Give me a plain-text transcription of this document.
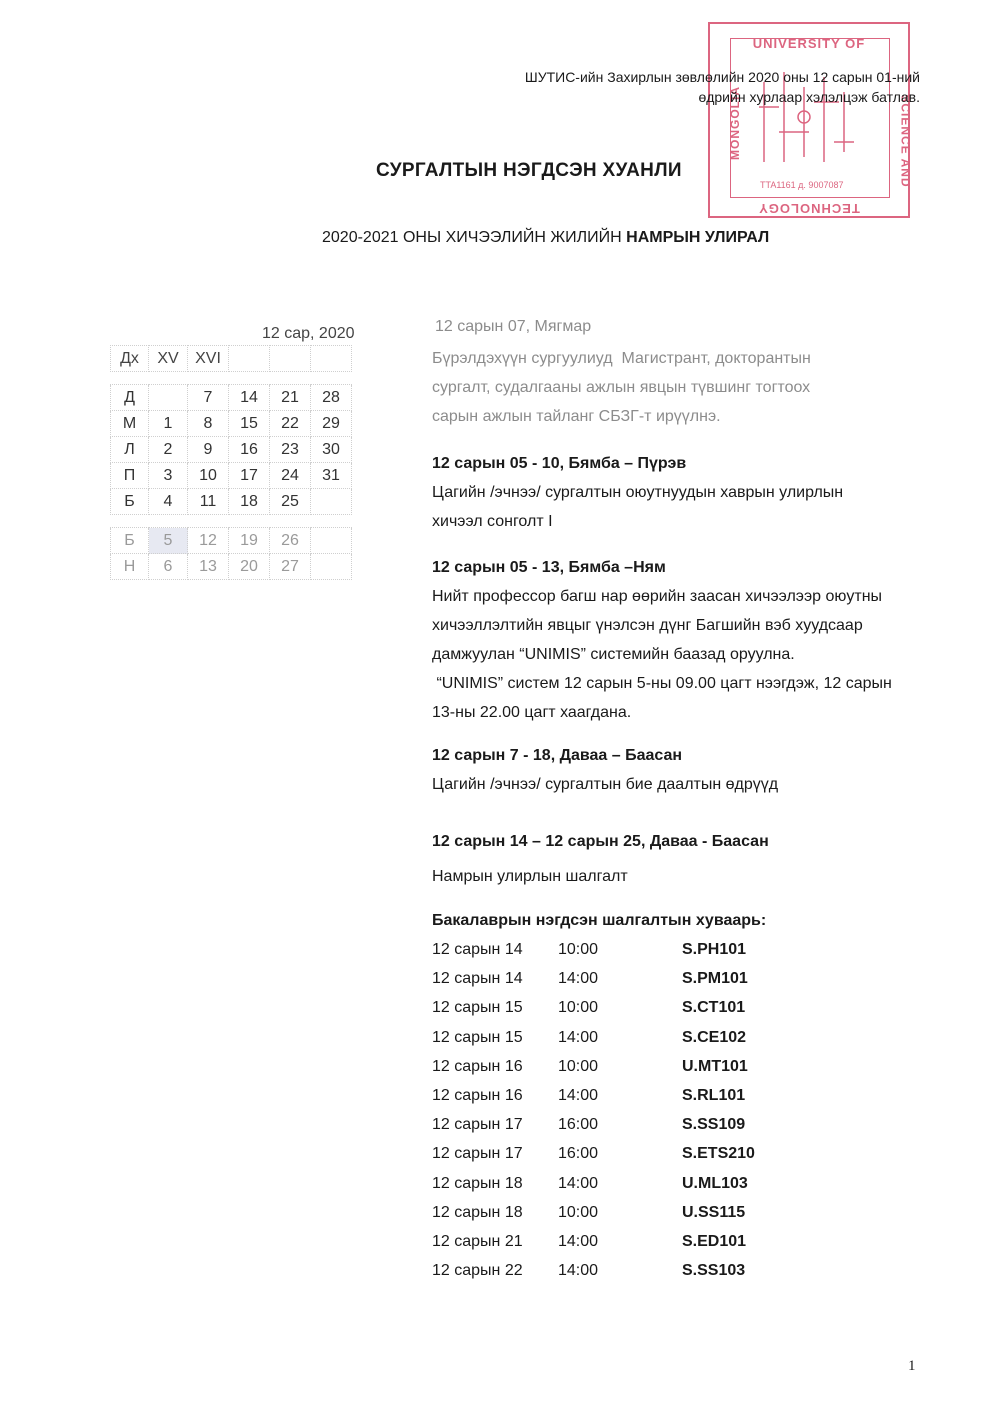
UNIVERSITY OF
MONGOLIA	SCIENCE AND
TTA1161 д. 9007087
TECHNOLOGY
ШУТИС-ийн Захирлын зөвлөлийн 2020 оны 12 сарын 01-ний
өдрийн хурлаар хэлэлцэж батлав.
СУРГАЛТЫН НЭГДСЭН ХУАНЛИ
2020-2021 ОНЫ ХИЧЭЭЛИЙН ЖИЛИЙН НАМРЫН УЛИРАЛ
12 сар, 2020
Дх	XV	XVI			

Д		7	14	21	28
М	1	8	15	22	29
Л	2	9	16	23	30
П	3	10	17	24	31
Б	4	11	18	25	

Б	5	12	19	26	
Н	6	13	20	27	
12 сарын 07, Мягмар
Бүрэлдэхүүн сургуулиуд  Магистрант, докторантын
сургалт, судалгааны ажлын явцын түвшинг тогтоох
сарын ажлын тайланг СБЗГ-т ирүүлнэ.
12 сарын 05 - 10, Бямба – Пүрэв
Цагийн /эчнээ/ сургалтын оюутнуудын хаврын улирлын
хичээл сонголт I
12 сарын 05 - 13, Бямба –Ням
Нийт профессор багш нар өөрийн заасан хичээлээр оюутны
хичээллэлтийн явцыг үнэлсэн дүнг Багшийн вэб хуудсаар
дамжуулан “UNIMIS” системийн баазад оруулна.
“UNIMIS” систем 12 сарын 5-ны 09.00 цагт нээгдэж, 12 сарын
13-ны 22.00 цагт хаагдана.
12 сарын 7 - 18, Даваа – Баасан
Цагийн /эчнээ/ сургалтын бие даалтын өдрүүд
12 сарын 14 – 12 сарын 25, Даваа - Баасан
Намрын улирлын шалгалт
Бакалаврын нэгдсэн шалгалтын хуваарь:
12 сарын 14	10:00	S.PH101
12 сарын 14	14:00	S.PM101
12 сарын 15	10:00	S.CT101
12 сарын 15	14:00	S.CE102
12 сарын 16	10:00	U.MT101
12 сарын 16	14:00	S.RL101
12 сарын 17	16:00	S.SS109
12 сарын 17	16:00	S.ETS210
12 сарын 18	14:00	U.ML103
12 сарын 18	10:00	U.SS115
12 сарын 21	14:00	S.ED101
12 сарын 22	14:00	S.SS103
1
